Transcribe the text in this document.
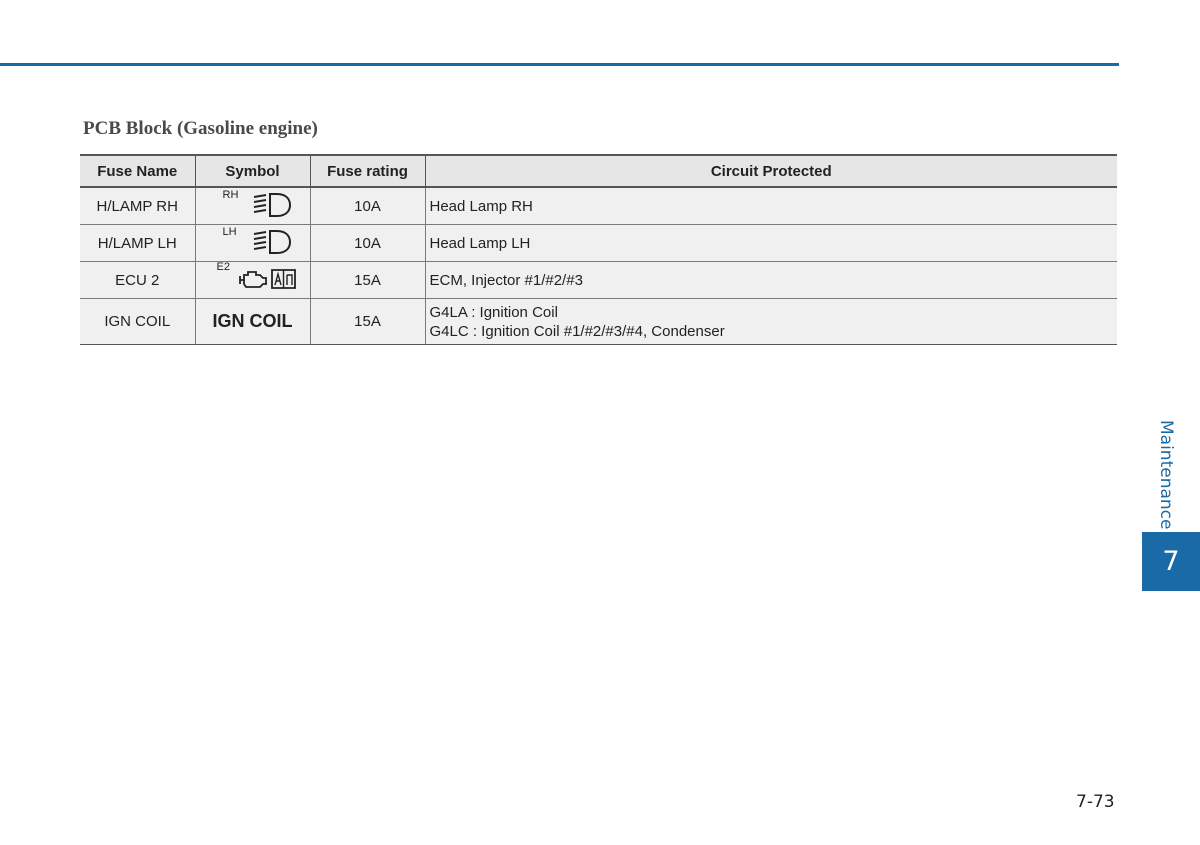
PCB Block (Gasoline engine)
Fuse Name	Symbol	Fuse rating	Circuit Protected
H/LAMP RH	RH	10A	Head Lamp RH

H/LAMP LH	LH	10A	Head Lamp LH

ECU 2	E2	15A	ECM, Injector #1/#2/#3

IGN COIL	IGN COIL	15A	G4LA : Ignition Coil
G4LC : Ignition Coil #1/#2/#3/#4, Condenser
Maintenance
7
7-73
